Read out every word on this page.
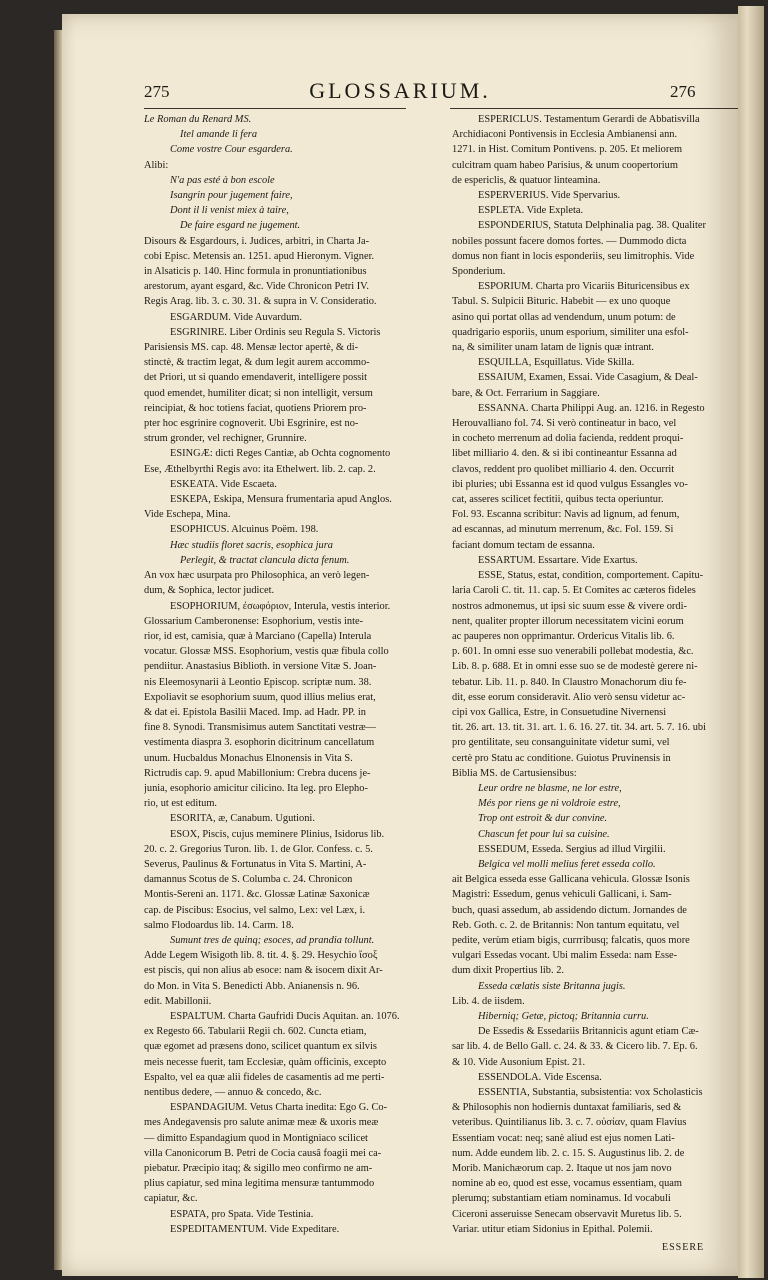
275	GLOSSARIUM.	276
Le Roman du Renard MS.
Itel amande li fera
Come vostre Cour esgardera.
Alibi:
N'a pas esté à bon escole
Isangrin pour jugement faire,
Dont il li venist miex à taire,
De faire esgard ne jugement.
Disours & Esgardours, i. Judices, arbitri, in Charta Ja-
cobi Episc. Metensis an. 1251. apud Hieronym. Vigner.
in Alsaticis p. 140. Hinc formula in pronuntiationibus
arestorum, ayant esgard, &c. Vide Chronicon Petri IV.
Regis Arag. lib. 3. c. 30. 31. & supra in V. Consideratio.
ESGARDUM. Vide Auvardum.
ESGRINIRE. Liber Ordinis seu Regula S. Victoris
Parisiensis MS. cap. 48. Mensæ lector apertè, & di-
stinctè, & tractim legat, & dum legit aurem accommo-
det Priori, ut si quando emendaverit, intelligere possit
quod emendet, humiliter dicat; si non intelligit, versum
reincipiat, & hoc totiens faciat, quotiens Priorem pro-
pter hoc esgrinire cognoverit. Ubi Esgrinire, est no-
strum gronder, vel rechigner, Grunnire.
ESINGÆ: dicti Reges Cantiæ, ab Ochta cognomento
Ese, Æthelbyrthi Regis avo: ita Ethelwert. lib. 2. cap. 2.
ESKEATA. Vide Escaeta.
ESKEPA, Eskipa, Mensura frumentaria apud Anglos.
Vide Eschepa, Mina.
ESOPHICUS. Alcuinus Poëm. 198.
Hæc studiis floret sacris, esophica jura
Perlegit, & tractat clancula dicta fenum.
An vox hæc usurpata pro Philosophica, an verò legen-
dum, & Sophica, lector judicet.
ESOPHORIUM, ἐσωφόριον, Interula, vestis interior.
Glossarium Camberonense: Esophorium, vestis inte-
rior, id est, camisia, quæ à Marciano (Capella) Interula
vocatur. Glossæ MSS. Esophorium, vestis quæ fibula collo
pendiitur. Anastasius Biblioth. in versione Vitæ S. Joan-
nis Eleemosynarii à Leontio Episcop. scriptæ num. 38.
Expoliavit se esophorium suum, quod illius melius erat,
& dat ei. Epistola Basilii Maced. Imp. ad Hadr. PP. in
fine 8. Synodi. Transmisimus autem Sanctitati vestræ—
vestimenta diaspra 3. esophorin dicitrinum cancellatum
unum. Hucbaldus Monachus Elnonensis in Vita S.
Rictrudis cap. 9. apud Mabillonium: Crebra ducens je-
junia, esophorio amicitur cilicino. Ita leg. pro Elepho-
rio, ut est editum.
ESORITA, æ, Canabum. Ugutioni.
ESOX, Piscis, cujus meminere Plinius, Isidorus lib.
20. c. 2. Gregorius Turon. lib. 1. de Glor. Confess. c. 5.
Severus, Paulinus & Fortunatus in Vita S. Martini, A-
damannus Scotus de S. Columba c. 24. Chronicon
Montis-Sereni an. 1171. &c. Glossæ Latinæ Saxonicæ
cap. de Piscibus: Esocius, vel salmo, Lex: vel Læx, i.
salmo Flodoardus lib. 14. Carm. 18.
Sumunt tres de quinq; esoces, ad prandia tollunt.
Adde Legem Wisigoth lib. 8. tit. 4. §. 29. Hesychio ἴσοξ
est piscis, qui non alius ab esoce: nam & isocem dixit Ar-
do Mon. in Vita S. Benedicti Abb. Anianensis n. 96.
edit. Mabillonii.
ESPALTUM. Charta Gaufridi Ducis Aquitan. an. 1076.
ex Regesto 66. Tabularii Regii ch. 602. Cuncta etiam,
quæ egomet ad præsens dono, scilicet quantum ex silvis
meis necesse fuerit, tam Ecclesiæ, quàm officinis, excepto
Espalto, vel ea quæ alii fideles de casamentis ad me perti-
nentibus dedere, — annuo & concedo, &c.
ESPANDAGIUM. Vetus Charta inedita: Ego G. Co-
mes Andegavensis pro salute animæ meæ & uxoris meæ
— dimitto Espandagium quod in Montigniaco scilicet
villa Canonicorum B. Petri de Cocia causâ foagii mei ca-
piebatur. Præcipio itaq; & sigillo meo confirmo ne am-
plius capiatur, sed mina legitima mensuræ tantummodo
capiatur, &c.
ESPATA, pro Spata. Vide Testinia.
ESPEDITAMENTUM. Vide Expeditare.
ESPERICLUS. Testamentum Gerardi de Abbatisvilla
Archidiaconi Pontivensis in Ecclesia Ambianensi ann.
1271. in Hist. Comitum Pontivens. p. 205. Et meliorem
culcitram quam habeo Parisius, & unum coopertorium
de espericlis, & quatuor linteamina.
ESPERVERIUS. Vide Spervarius.
ESPLETA. Vide Expleta.
ESPONDERIUS, Statuta Delphinalia pag. 38. Qualiter
nobiles possunt facere domos fortes. — Dummodo dicta
domus non fiant in locis esponderiis, seu limitrophis. Vide
Sponderium.
ESPORIUM. Charta pro Vicariis Bituricensibus ex
Tabul. S. Sulpicii Bituric. Habebit — ex uno quoque
asino qui portat ollas ad vendendum, unum potum: de
quadrigario esporiis, unum esporium, similiter una esfol-
na, & similiter unam latam de lignis quæ intrant.
ESQUILLA, Esquillatus. Vide Skilla.
ESSAIUM, Examen, Essai. Vide Casagium, & Deal-
bare, & Oct. Ferrarium in Saggiare.
ESSANNA. Charta Philippi Aug. an. 1216. in Regesto
Herouvalliano fol. 74. Si verò contineatur in baco, vel
in cocheto merrenum ad dolia facienda, reddent proqui-
libet milliario 4. den. & si ibi contineantur Essanna ad
clavos, reddent pro quolibet milliario 4. den. Occurrit
ibi pluries; ubi Essanna est id quod vulgus Essangles vo-
cat, asseres scilicet fectitii, quibus tecta operiuntur.
Fol. 93. Escanna scribitur: Navis ad lignum, ad fenum,
ad escannas, ad minutum merrenum, &c. Fol. 159. Si
faciant domum tectam de essanna.
ESSARTUM. Essartare. Vide Exartus.
ESSE, Status, estat, condition, comportement. Capitu-
laria Caroli C. tit. 11. cap. 5. Et Comites ac cæteros fideles
nostros admonemus, ut ipsi sic suum esse & vivere ordi-
nent, qualiter propter illorum necessitatem vicini eorum
ac pauperes non opprimantur. Ordericus Vitalis lib. 6.
p. 601. In omni esse suo venerabili pollebat modestia, &c.
Lib. 8. p. 688. Et in omni esse suo se de modestè gerere ni-
tebatur. Lib. 11. p. 840. In Claustro Monachorum diu fe-
dit, esse eorum consideravit. Alio verò sensu videtur ac-
cipi vox Gallica, Estre, in Consuetudine Nivernensi
tit. 26. art. 13. tit. 31. art. 1. 6. 16. 27. tit. 34. art. 5. 7. 16. ubi
pro gentilitate, seu consanguinitate videtur sumi, vel
certè pro Statu ac conditione. Guiotus Pruvinensis in
Biblia MS. de Cartusiensibus:
Leur ordre ne blasme, ne lor estre,
Més por riens ge ni voldroie estre,
Trop ont estroit & dur convine.
Chascun fet pour lui sa cuisine.
ESSEDUM, Esseda. Sergius ad illud Virgilii.
Belgica vel molli melius feret esseda collo.
ait Belgica esseda esse Gallicana vehicula. Glossæ Isonis
Magistri: Essedum, genus vehiculi Gallicani, i. Sam-
buch, quasi assedum, ab assidendo dictum. Jornandes de
Reb. Goth. c. 2. de Britannis: Non tantum equitatu, vel
pedite, verùm etiam bigis, currribusq; falcatis, quos more
vulgari Essedas vocant. Ubi malim Esseda: nam Esse-
dum dixit Propertius lib. 2.
Esseda cælatis siste Britanna jugis.
Lib. 4. de iisdem.
Hiberniq; Getæ, pictoq; Britannia curru.
De Essedis & Essedariis Britannicis agunt etiam Cæ-
sar lib. 4. de Bello Gall. c. 24. & 33. & Cicero lib. 7. Ep. 6.
& 10. Vide Ausonium Epist. 21.
ESSENDOLA. Vide Escensa.
ESSENTIA, Substantia, subsistentia: vox Scholasticis
& Philosophis non hodiernis duntaxat familiaris, sed &
veteribus. Quintilianus lib. 3. c. 7. οὐσίαν, quam Flavius
Essentiam vocat: neq; sanè aliud est ejus nomen Lati-
num. Adde eundem lib. 2. c. 15. S. Augustinus lib. 2. de
Morib. Manichæorum cap. 2. Itaque ut nos jam novo
nomine ab eo, quod est esse, vocamus essentiam, quam
plerumq; substantiam etiam nominamus. Id vocabuli
Ciceroni asseruisse Senecam observavit Muretus lib. 5.
Variar. utitur etiam Sidonius in Epithal. Polemii.
ESSERE
